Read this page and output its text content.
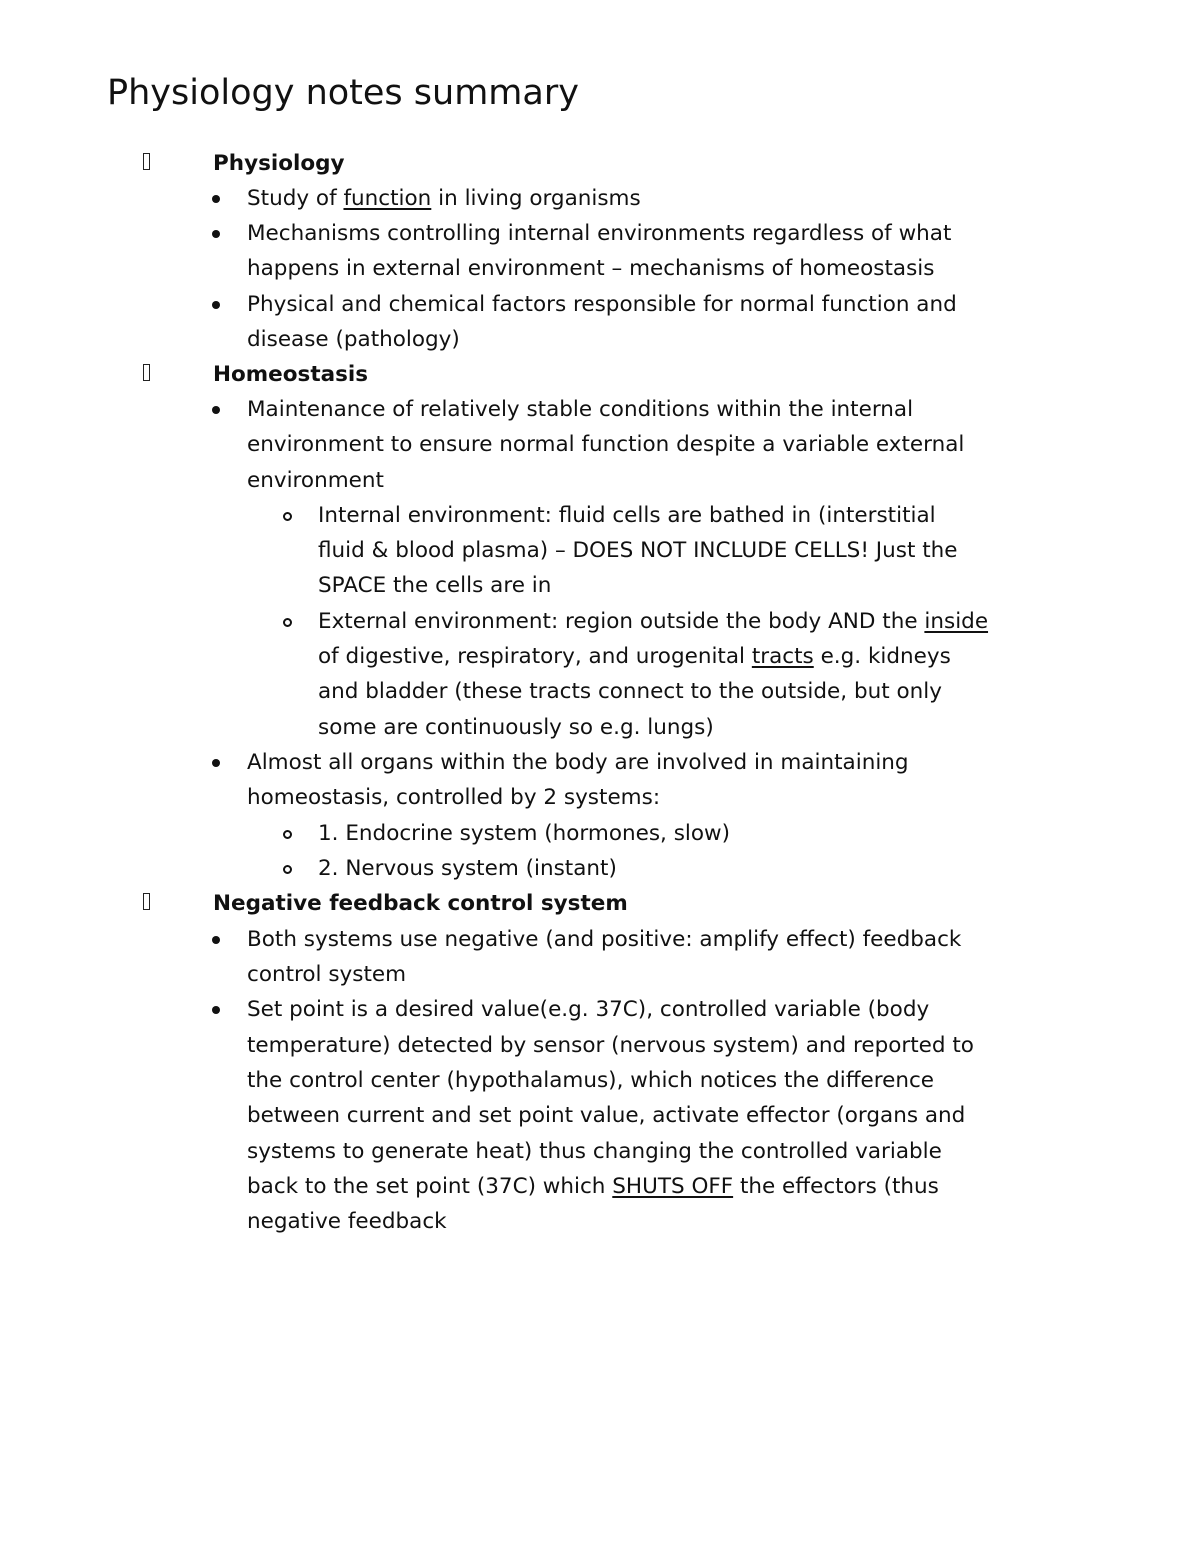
Physiology notes summary
Physiology
Study of function in living organisms
Mechanisms controlling internal environments regardless of what
happens in external environment – mechanisms of homeostasis
Physical and chemical factors responsible for normal function and
disease (pathology)
Homeostasis
Maintenance of relatively stable conditions within the internal
environment to ensure normal function despite a variable external
environment
Internal environment: fluid cells are bathed in (interstitial
fluid & blood plasma) – DOES NOT INCLUDE CELLS! Just the
SPACE the cells are in
External environment: region outside the body AND the inside
of digestive, respiratory, and urogenital tracts e.g. kidneys
and bladder (these tracts connect to the outside, but only
some are continuously so e.g. lungs)
Almost all organs within the body are involved in maintaining
homeostasis, controlled by 2 systems:
1. Endocrine system (hormones, slow)
2. Nervous system (instant)
Negative feedback control system
Both systems use negative (and positive: amplify effect) feedback
control system
Set point is a desired value(e.g. 37C), controlled variable (body
temperature) detected by sensor (nervous system) and reported to
the control center (hypothalamus), which notices the difference
between current and set point value, activate effector (organs and
systems to generate heat) thus changing the controlled variable
back to the set point (37C) which SHUTS OFF the effectors (thus
negative feedback
